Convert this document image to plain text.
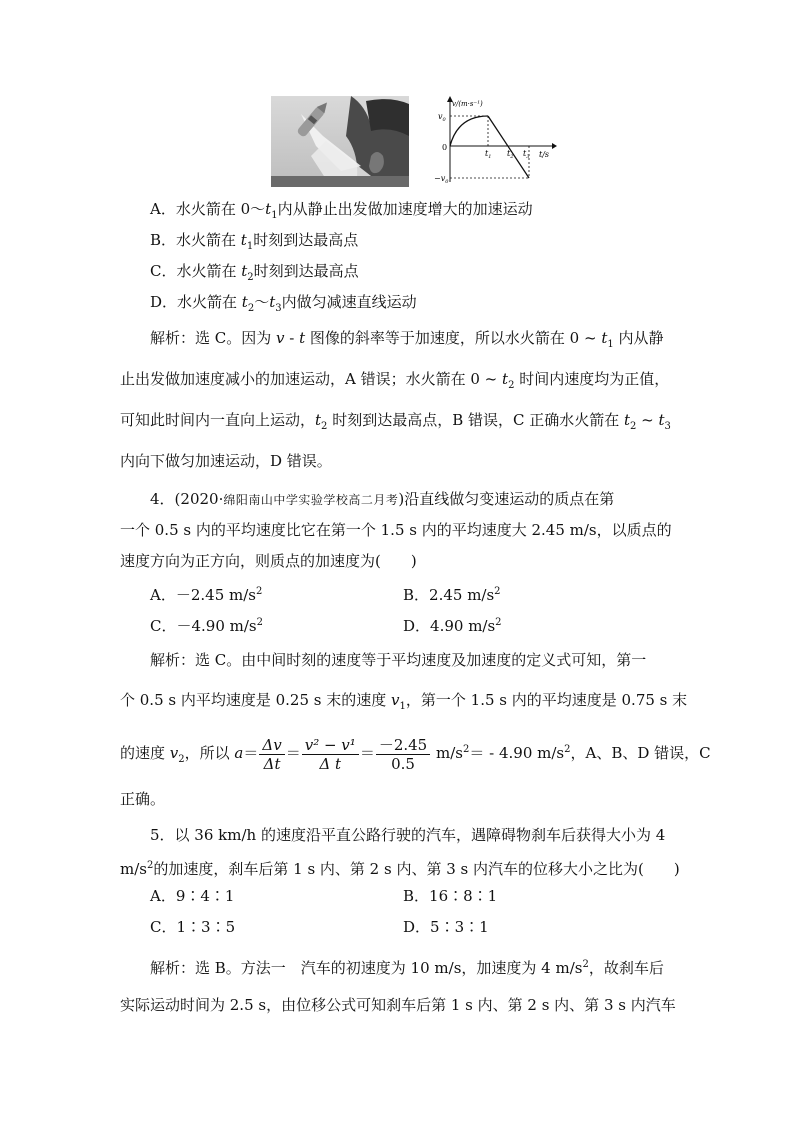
v/(m·s⁻¹)
$v_0$
0
$-v_0$
$t_1$ $t_2$ $t_3$ t/s
A．水火箭在 $0\sim t_1$内从静止出发做加速度增大的加速运动
B．水火箭在 $t_1$时刻到达最高点
C．水火箭在 $t_2$时刻到达最高点
D．水火箭在 $t_2\sim t_3$内做匀减速直线运动
解析：选 C。因为 v - t 图像的斜率等于加速度，所以水火箭在 0 ~ $t_1$ 内从静
止出发做加速度减小的加速运动，A 错误；水火箭在 0 ~ $t_2$ 时间内速度均为正值，
可知此时间内一直向上运动，$t_2$ 时刻到达最高点，B 错误，C 正确水火箭在 $t_2$ ~ $t_3$
内向下做匀加速运动，D 错误。
4．(2020·绵阳南山中学实验学校高二月考)沿直线做匀变速运动的质点在第
一个 0.5 s 内的平均速度比它在第一个 1.5 s 内的平均速度大 2.45 m/s，以质点的
速度方向为正方向，则质点的加速度为(　　)
A．－2.45 $m/s^2$	B．2.45 $m/s^2$
C．－4.90 $m/s^2$	D．4.90 $m/s^2$
解析：选 C。由中间时刻的速度等于平均速度及加速度的定义式可知，第一
个 0.5 s 内平均速度是 0.25 s 末的速度 $v_1$，第一个 1.5 s 内的平均速度是 0.75 s 末
的速度 $v_2$，所以 $a= \frac{\Delta v}{\Delta t} = \frac{\text{v² − v¹}}{\text{Δ t}} = \frac{-2.45}{0.5} m/s^2= - 4.90$ $m/s^2$，A、B、D 错误，C
正确。
5．以 36 km/h 的速度沿平直公路行驶的汽车，遇障碍物刹车后获得大小为 4
$m/s^2$的加速度，刹车后第 1 s 内、第 2 s 内、第 3 s 内汽车的位移大小之比为(　　)
A．9∶4∶1	B．16∶8∶1
C．1∶3∶5	D．5∶3∶1
解析：选 B。方法一　汽车的初速度为 10 m/s，加速度为 4 $m/s^2$，故刹车后
实际运动时间为 2.5 s，由位移公式可知刹车后第 1 s 内、第 2 s 内、第 3 s 内汽车
